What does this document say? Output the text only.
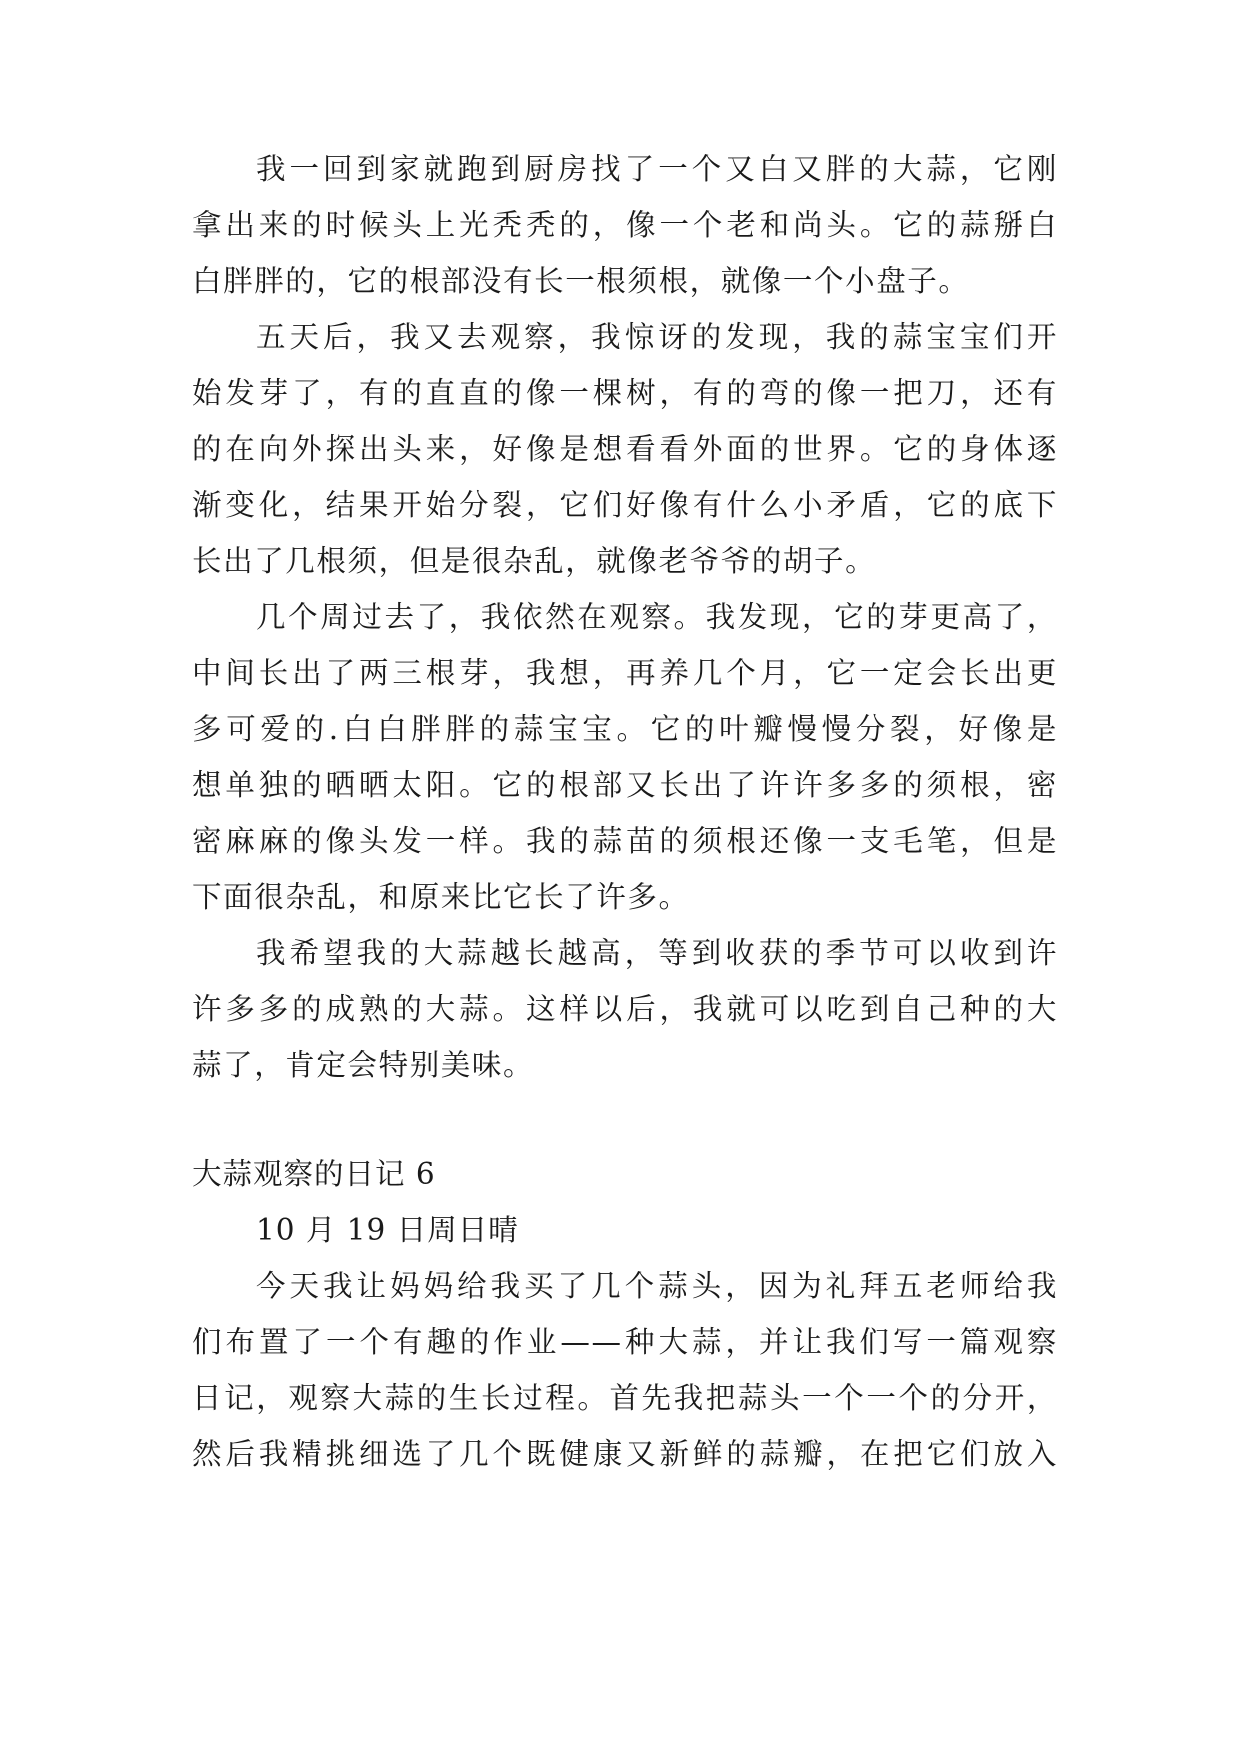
我一回到家就跑到厨房找了一个又白又胖的大蒜，它刚
拿出来的时候头上光秃秃的，像一个老和尚头。它的蒜掰白
白胖胖的，它的根部没有长一根须根，就像一个小盘子。
五天后，我又去观察，我惊讶的发现，我的蒜宝宝们开
始发芽了，有的直直的像一棵树，有的弯的像一把刀，还有
的在向外探出头来，好像是想看看外面的世界。它的身体逐
渐变化，结果开始分裂，它们好像有什么小矛盾，它的底下
长出了几根须，但是很杂乱，就像老爷爷的胡子。
几个周过去了，我依然在观察。我发现，它的芽更高了，
中间长出了两三根芽，我想，再养几个月，它一定会长出更
多可爱的.白白胖胖的蒜宝宝。它的叶瓣慢慢分裂，好像是
想单独的晒晒太阳。它的根部又长出了许许多多的须根，密
密麻麻的像头发一样。我的蒜苗的须根还像一支毛笔，但是
下面很杂乱，和原来比它长了许多。
我希望我的大蒜越长越高，等到收获的季节可以收到许
许多多的成熟的大蒜。这样以后，我就可以吃到自己种的大
蒜了，肯定会特别美味。
大蒜观察的日记 6
10 月 19 日周日晴
今天我让妈妈给我买了几个蒜头，因为礼拜五老师给我
们布置了一个有趣的作业——种大蒜，并让我们写一篇观察
日记，观察大蒜的生长过程。首先我把蒜头一个一个的分开，
然后我精挑细选了几个既健康又新鲜的蒜瓣，在把它们放入
